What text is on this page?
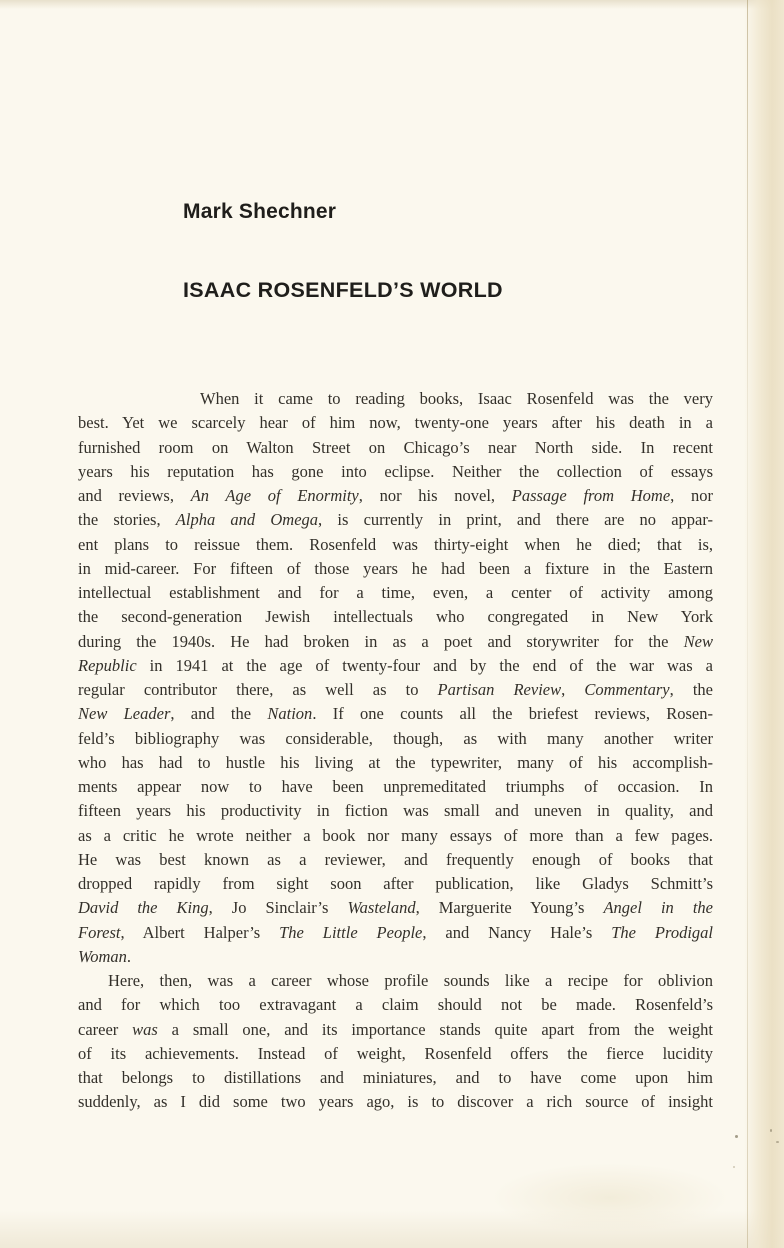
Mark Shechner
ISAAC ROSENFELD’S WORLD
When it came to reading books, Isaac Rosenfeld was the very
best. Yet we scarcely hear of him now, twenty-one years after his death in a
furnished room on Walton Street on Chicago’s near North side. In recent
years his reputation has gone into eclipse. Neither the collection of essays
and reviews, An Age of Enormity, nor his novel, Passage from Home, nor
the stories, Alpha and Omega, is currently in print, and there are no appar-
ent plans to reissue them. Rosenfeld was thirty-eight when he died; that is,
in mid-career. For fifteen of those years he had been a fixture in the Eastern
intellectual establishment and for a time, even, a center of activity among
the second-generation Jewish intellectuals who congregated in New York
during the 1940s. He had broken in as a poet and storywriter for the New
Republic in 1941 at the age of twenty-four and by the end of the war was a
regular contributor there, as well as to Partisan Review, Commentary, the
New Leader, and the Nation. If one counts all the briefest reviews, Rosen-
feld’s bibliography was considerable, though, as with many another writer
who has had to hustle his living at the typewriter, many of his accomplish-
ments appear now to have been unpremeditated triumphs of occasion. In
fifteen years his productivity in fiction was small and uneven in quality, and
as a critic he wrote neither a book nor many essays of more than a few pages.
He was best known as a reviewer, and frequently enough of books that
dropped rapidly from sight soon after publication, like Gladys Schmitt’s
David the King, Jo Sinclair’s Wasteland, Marguerite Young’s Angel in the
Forest, Albert Halper’s The Little People, and Nancy Hale’s The Prodigal
Woman.
Here, then, was a career whose profile sounds like a recipe for oblivion
and for which too extravagant a claim should not be made. Rosenfeld’s
career was a small one, and its importance stands quite apart from the weight
of its achievements. Instead of weight, Rosenfeld offers the fierce lucidity
that belongs to distillations and miniatures, and to have come upon him
suddenly, as I did some two years ago, is to discover a rich source of insight
